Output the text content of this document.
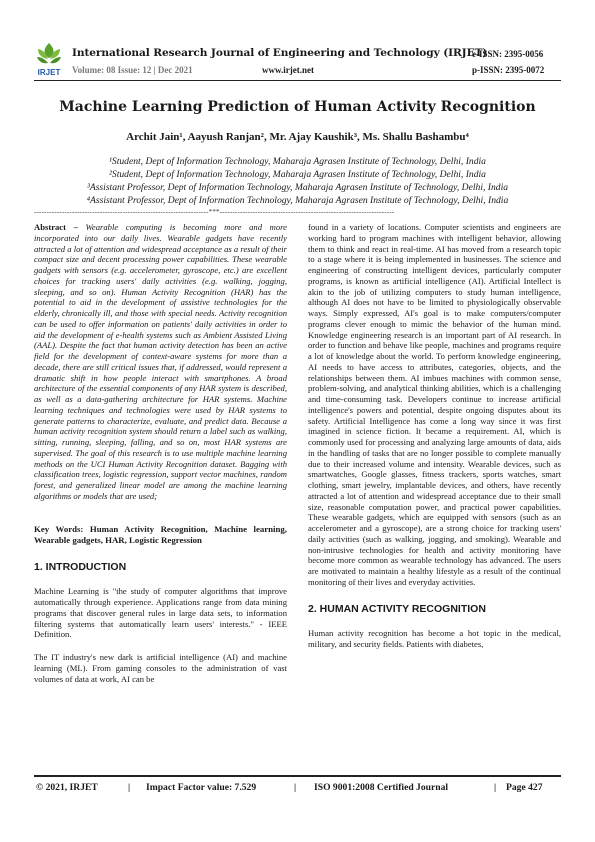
IRJET
International Research Journal of Engineering and Technology (IRJET)
Volume: 08 Issue: 12 | Dec 2021	www.irjet.net
e-ISSN: 2395-0056
p-ISSN: 2395-0072
Machine Learning Prediction of Human Activity Recognition
Archit Jain¹, Aayush Ranjan², Mr. Ajay Kaushik³, Ms. Shallu Bashambu⁴
¹Student, Dept of Information Technology, Maharaja Agrasen Institute of Technology, Delhi, India
²Student, Dept of Information Technology, Maharaja Agrasen Institute of Technology, Delhi, India
³Assistant Professor, Dept of Information Technology, Maharaja Agrasen Institute of Technology, Delhi, India
⁴Assistant Professor, Dept of Information Technology, Maharaja Agrasen Institute of Technology, Delhi, India
---------------------------------------------------------------------***---------------------------------------------------------------------

Abstract – Wearable computing is becoming more and more incorporated into our daily lives. Wearable gadgets have recently attracted a lot of attention and widespread acceptance as a result of their compact size and decent processing power capabilities. These wearable gadgets with sensors (e.g. accelerometer, gyroscope, etc.) are excellent choices for tracking users' daily activities (e.g. walking, jogging, sleeping, and so on). Human Activity Recognition (HAR) has the potential to aid in the development of assistive technologies for the elderly, chronically ill, and those with special needs. Activity recognition can be used to offer information on patients' daily activities in order to aid the development of e-health systems such as Ambient Assisted Living (AAL). Despite the fact that human activity detection has been an active field for the development of context-aware systems for more than a decade, there are still critical issues that, if addressed, would represent a dramatic shift in how people interact with smartphones. A broad architecture of the essential components of any HAR system is described, as well as a data-gathering architecture for HAR systems. Machine learning techniques and technologies were used by HAR systems to generate patterns to characterize, evaluate, and predict data. Because a human activity recognition system should return a label such as walking, sitting, running, sleeping, falling, and so on, most HAR systems are supervised. The goal of this research is to use multiple machine learning methods on the UCI Human Activity Recognition dataset. Bagging with classification trees, logistic regression, support vector machines, random forest, and generalized linear model are among the machine learning algorithms or models that are used;

Key Words: Human Activity Recognition, Machine learning, Wearable gadgets, HAR, Logistic Regression

1. INTRODUCTION

Machine Learning is "the study of computer algorithms that improve automatically through experience. Applications range from data mining programs that discover general rules in large data sets, to information filtering systems that automatically learn users' interests." - IEEE Definition.

The IT industry's new dark is artificial intelligence (AI) and machine learning (ML). From gaming consoles to the administration of vast volumes of data at work, AI can be

found in a variety of locations. Computer scientists and engineers are working hard to program machines with intelligent behavior, allowing them to think and react in real-time. AI has moved from a research topic to a stage where it is being implemented in businesses. The science and engineering of constructing intelligent devices, particularly computer programs, is known as artificial intelligence (AI). Artificial Intellect is akin to the job of utilizing computers to study human intelligence, although AI does not have to be limited to physiologically observable ways. Simply expressed, AI's goal is to make computers/computer programs clever enough to mimic the behavior of the human mind. Knowledge engineering research is an important part of AI research. In order to function and behave like people, machines and programs require a lot of knowledge about the world. To perform knowledge engineering, AI needs to have access to attributes, categories, objects, and the relationships between them. AI imbues machines with common sense, problem-solving, and analytical thinking abilities, which is a challenging and time-consuming task. Developers continue to increase artificial intelligence's powers and potential, despite ongoing disputes about its safety. Artificial Intelligence has come a long way since it was first imagined in science fiction. It became a requirement. AI, which is commonly used for processing and analyzing large amounts of data, aids in the handling of tasks that are no longer possible to complete manually due to their increased volume and intensity. Wearable devices, such as smartwatches, Google glasses, fitness trackers, sports watches, smart clothing, smart jewelry, implantable devices, and others, have recently attracted a lot of attention and widespread acceptance due to their small size, reasonable computation power, and practical power capabilities. These wearable gadgets, which are equipped with sensors (such as an accelerometer and a gyroscope), are a strong choice for tracking users' daily activities (such as walking, jogging, and smoking). Wearable and non-intrusive technologies for health and activity monitoring have become more common as wearable technology has advanced. The users are motivated to maintain a healthy lifestyle as a result of the continual monitoring of their lives and everyday activities.

2. HUMAN ACTIVITY RECOGNITION

Human activity recognition has become a hot topic in the medical, military, and security fields. Patients with diabetes,

© 2021, IRJET	| Impact Factor value: 7.529	| ISO 9001:2008 Certified Journal	| Page 427
